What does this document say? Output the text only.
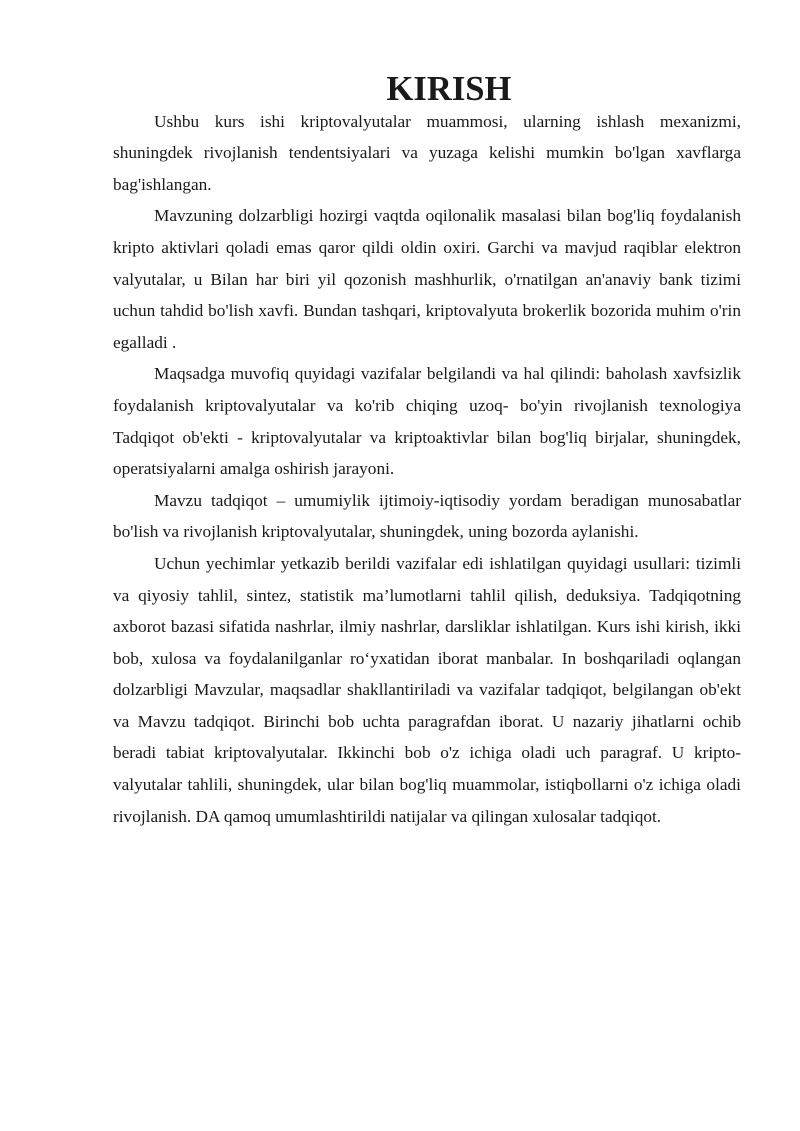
KIRISH

Ushbu kurs ishi kriptovalyutalar muammosi, ularning ishlash mexanizmi, shuningdek rivojlanish tendentsiyalari va yuzaga kelishi mumkin bo'lgan xavflarga bag'ishlangan.

Mavzuning dolzarbligi hozirgi vaqtda oqilonalik masalasi bilan bog'liq foydalanish kripto aktivlari qoladi emas qaror qildi oldin oxiri. Garchi va mavjud raqiblar elektron valyutalar, u Bilan har biri yil qozonish mashhurlik, o'rnatilgan an'anaviy bank tizimi uchun tahdid bo'lish xavfi. Bundan tashqari, kriptovalyuta brokerlik bozorida muhim o'rin egalladi .

Maqsadga muvofiq quyidagi vazifalar belgilandi va hal qilindi: baholash xavfsizlik foydalanish kriptovalyutalar va ko'rib chiqing uzoq- bo'yin rivojlanish texnologiya Tadqiqot ob'ekti - kriptovalyutalar va kriptoaktivlar bilan bog'liq birjalar, shuningdek, operatsiyalarni amalga oshirish jarayoni.

Mavzu tadqiqot – umumiylik ijtimoiy-iqtisodiy yordam beradigan munosabatlar bo'lish va rivojlanish kriptovalyutalar, shuningdek, uning bozorda aylanishi.

Uchun yechimlar yetkazib berildi vazifalar edi ishlatilgan quyidagi usullari: tizimli va qiyosiy tahlil, sintez, statistik ma’lumotlarni tahlil qilish, deduksiya. Tadqiqotning axborot bazasi sifatida nashrlar, ilmiy nashrlar, darsliklar ishlatilgan. Kurs ishi kirish, ikki bob, xulosa va foydalanilganlar ro‘yxatidan iborat manbalar. In boshqariladi oqlangan dolzarbligi Mavzular, maqsadlar shakllantiriladi va vazifalar tadqiqot, belgilangan ob'ekt va Mavzu tadqiqot. Birinchi bob uchta paragrafdan iborat. U nazariy jihatlarni ochib beradi tabiat kriptovalyutalar. Ikkinchi bob o'z ichiga oladi uch paragraf. U kripto-valyutalar tahlili, shuningdek, ular bilan bog'liq muammolar, istiqbollarni o'z ichiga oladi rivojlanish. DA qamoq umumlashtirildi natijalar va qilingan xulosalar tadqiqot.
